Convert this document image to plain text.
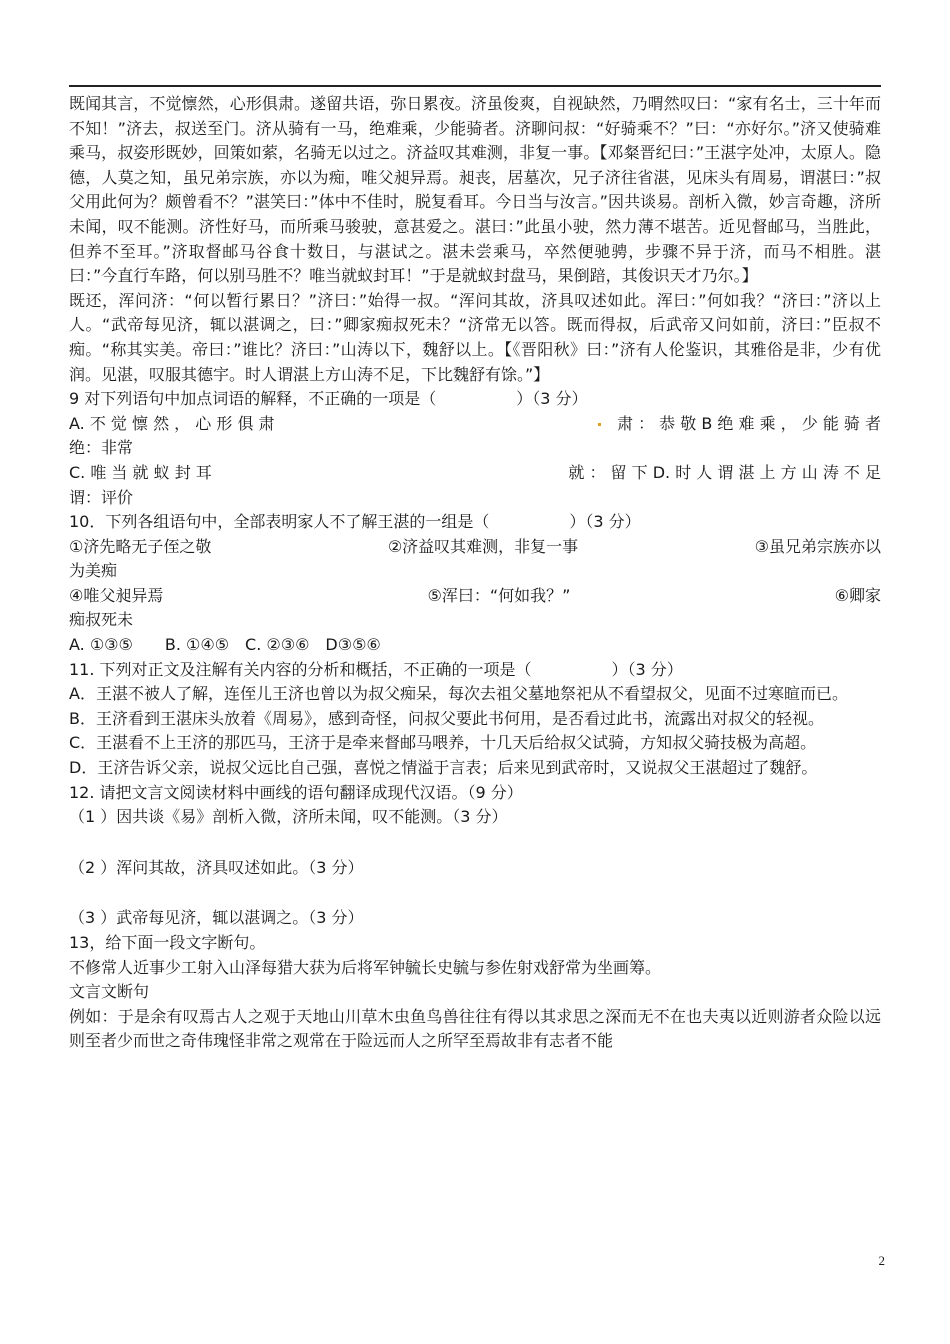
既闻其言，不觉懔然，心形俱肃。遂留共语，弥日累夜。济虽俊爽，自视缺然，乃喟然叹曰：“家有名士，三十年而不知！”济去，叔送至门。济从骑有一马，绝难乘，少能骑者。济聊问叔：“好骑乘不？”曰：“亦好尔。”济又使骑难乘马，叔姿形既妙，回策如萦，名骑无以过之。济益叹其难测，非复一事。【邓粲晋纪曰：”王湛字处冲，太原人。隐德，人莫之知，虽兄弟宗族，亦以为痴，唯父昶异焉。昶丧，居墓次，兄子济往省湛，见床头有周易，谓湛曰：”叔父用此何为？颇曾看不？”湛笑曰：”体中不佳时，脱复看耳。今日当与汝言。”因共谈易。剖析入微，妙言奇趣，济所未闻，叹不能测。济性好马，而所乘马骏驶，意甚爱之。湛曰：”此虽小驶，然力薄不堪苦。近见督邮马，当胜此，但养不至耳。”济取督邮马谷食十数日，与湛试之。湛未尝乘马，卒然便驰骋，步骤不异于济，而马不相胜。湛曰：”今直行车路，何以别马胜不？唯当就蚁封耳！”于是就蚁封盘马，果倒踣，其俊识天才乃尔。】

既还，浑问济：“何以暂行累日？”济曰：”始得一叔。“浑问其故，济具叹述如此。浑曰：”何如我？“济曰：”济以上人。“武帝每见济，辄以湛调之，曰：”卿家痴叔死未？“济常无以答。既而得叔，后武帝又问如前，济曰：”臣叔不痴。“称其实美。帝曰：”谁比？济曰：”山涛以下，魏舒以上。【《晋阳秋》曰：”济有人伦鉴识，其雅俗是非，少有优润。见湛，叹服其德宇。时人谓湛上方山涛不足，下比魏舒有馀。”】

9 对下列语句中加点词语的解释，不正确的一项是（　　　　　）（3 分）

A. 不 觉 懔 然 ， 心 形 俱 肃
　	肃 ： 恭 敬 B 绝 难 乘 ， 少 能 骑 者

绝：非常

C. 唯 当 就 蚁 封 耳	就 ： 留 下 D. 时 人 谓 湛 上 方 山 涛 不 足

谓：评价

10．下列各组语句中，全部表明家人不了解王湛的一组是（　　　　　）（3 分）

①济先略无子侄之敬	②济益叹其难测，非复一事	③虽兄弟宗族亦以

为美痴

④唯父昶异焉	⑤浑曰：“何如我？”	⑥卿家

痴叔死未

A. ①③⑤　　B. ①④⑤　C. ②③⑥　D③⑤⑥

11. 下列对正文及注解有关内容的分析和概括，不正确的一项是（　　　　　）（3 分）

A．王湛不被人了解，连侄儿王济也曾以为叔父痴呆，每次去祖父墓地祭祀从不看望叔父，见面不过寒暄而已。

B．王济看到王湛床头放着《周易》，感到奇怪，问叔父要此书何用，是否看过此书，流露出对叔父的轻视。

C．王湛看不上王济的那匹马，王济于是牵来督邮马喂养，十几天后给叔父试骑，方知叔父骑技极为高超。

D．王济告诉父亲，说叔父远比自己强，喜悦之情溢于言表；后来见到武帝时，又说叔父王湛超过了魏舒。

12. 请把文言文阅读材料中画线的语句翻译成现代汉语。（9 分）

（1 ）因共谈《易》剖析入微，济所未闻，叹不能测。（3 分）

（2 ）浑问其故，济具叹述如此。（3 分）

（3 ）武帝每见济，辄以湛调之。（3 分）

13，给下面一段文字断句。

不修常人近事少工射入山泽每猎大获为后将军钟毓长史毓与参佐射戏舒常为坐画筹。

文言文断句

例如：于是余有叹焉古人之观于天地山川草木虫鱼鸟兽往往有得以其求思之深而无不在也夫夷以近则游者众险以远则至者少而世之奇伟瑰怪非常之观常在于险远而人之所罕至焉故非有志者不能

2
